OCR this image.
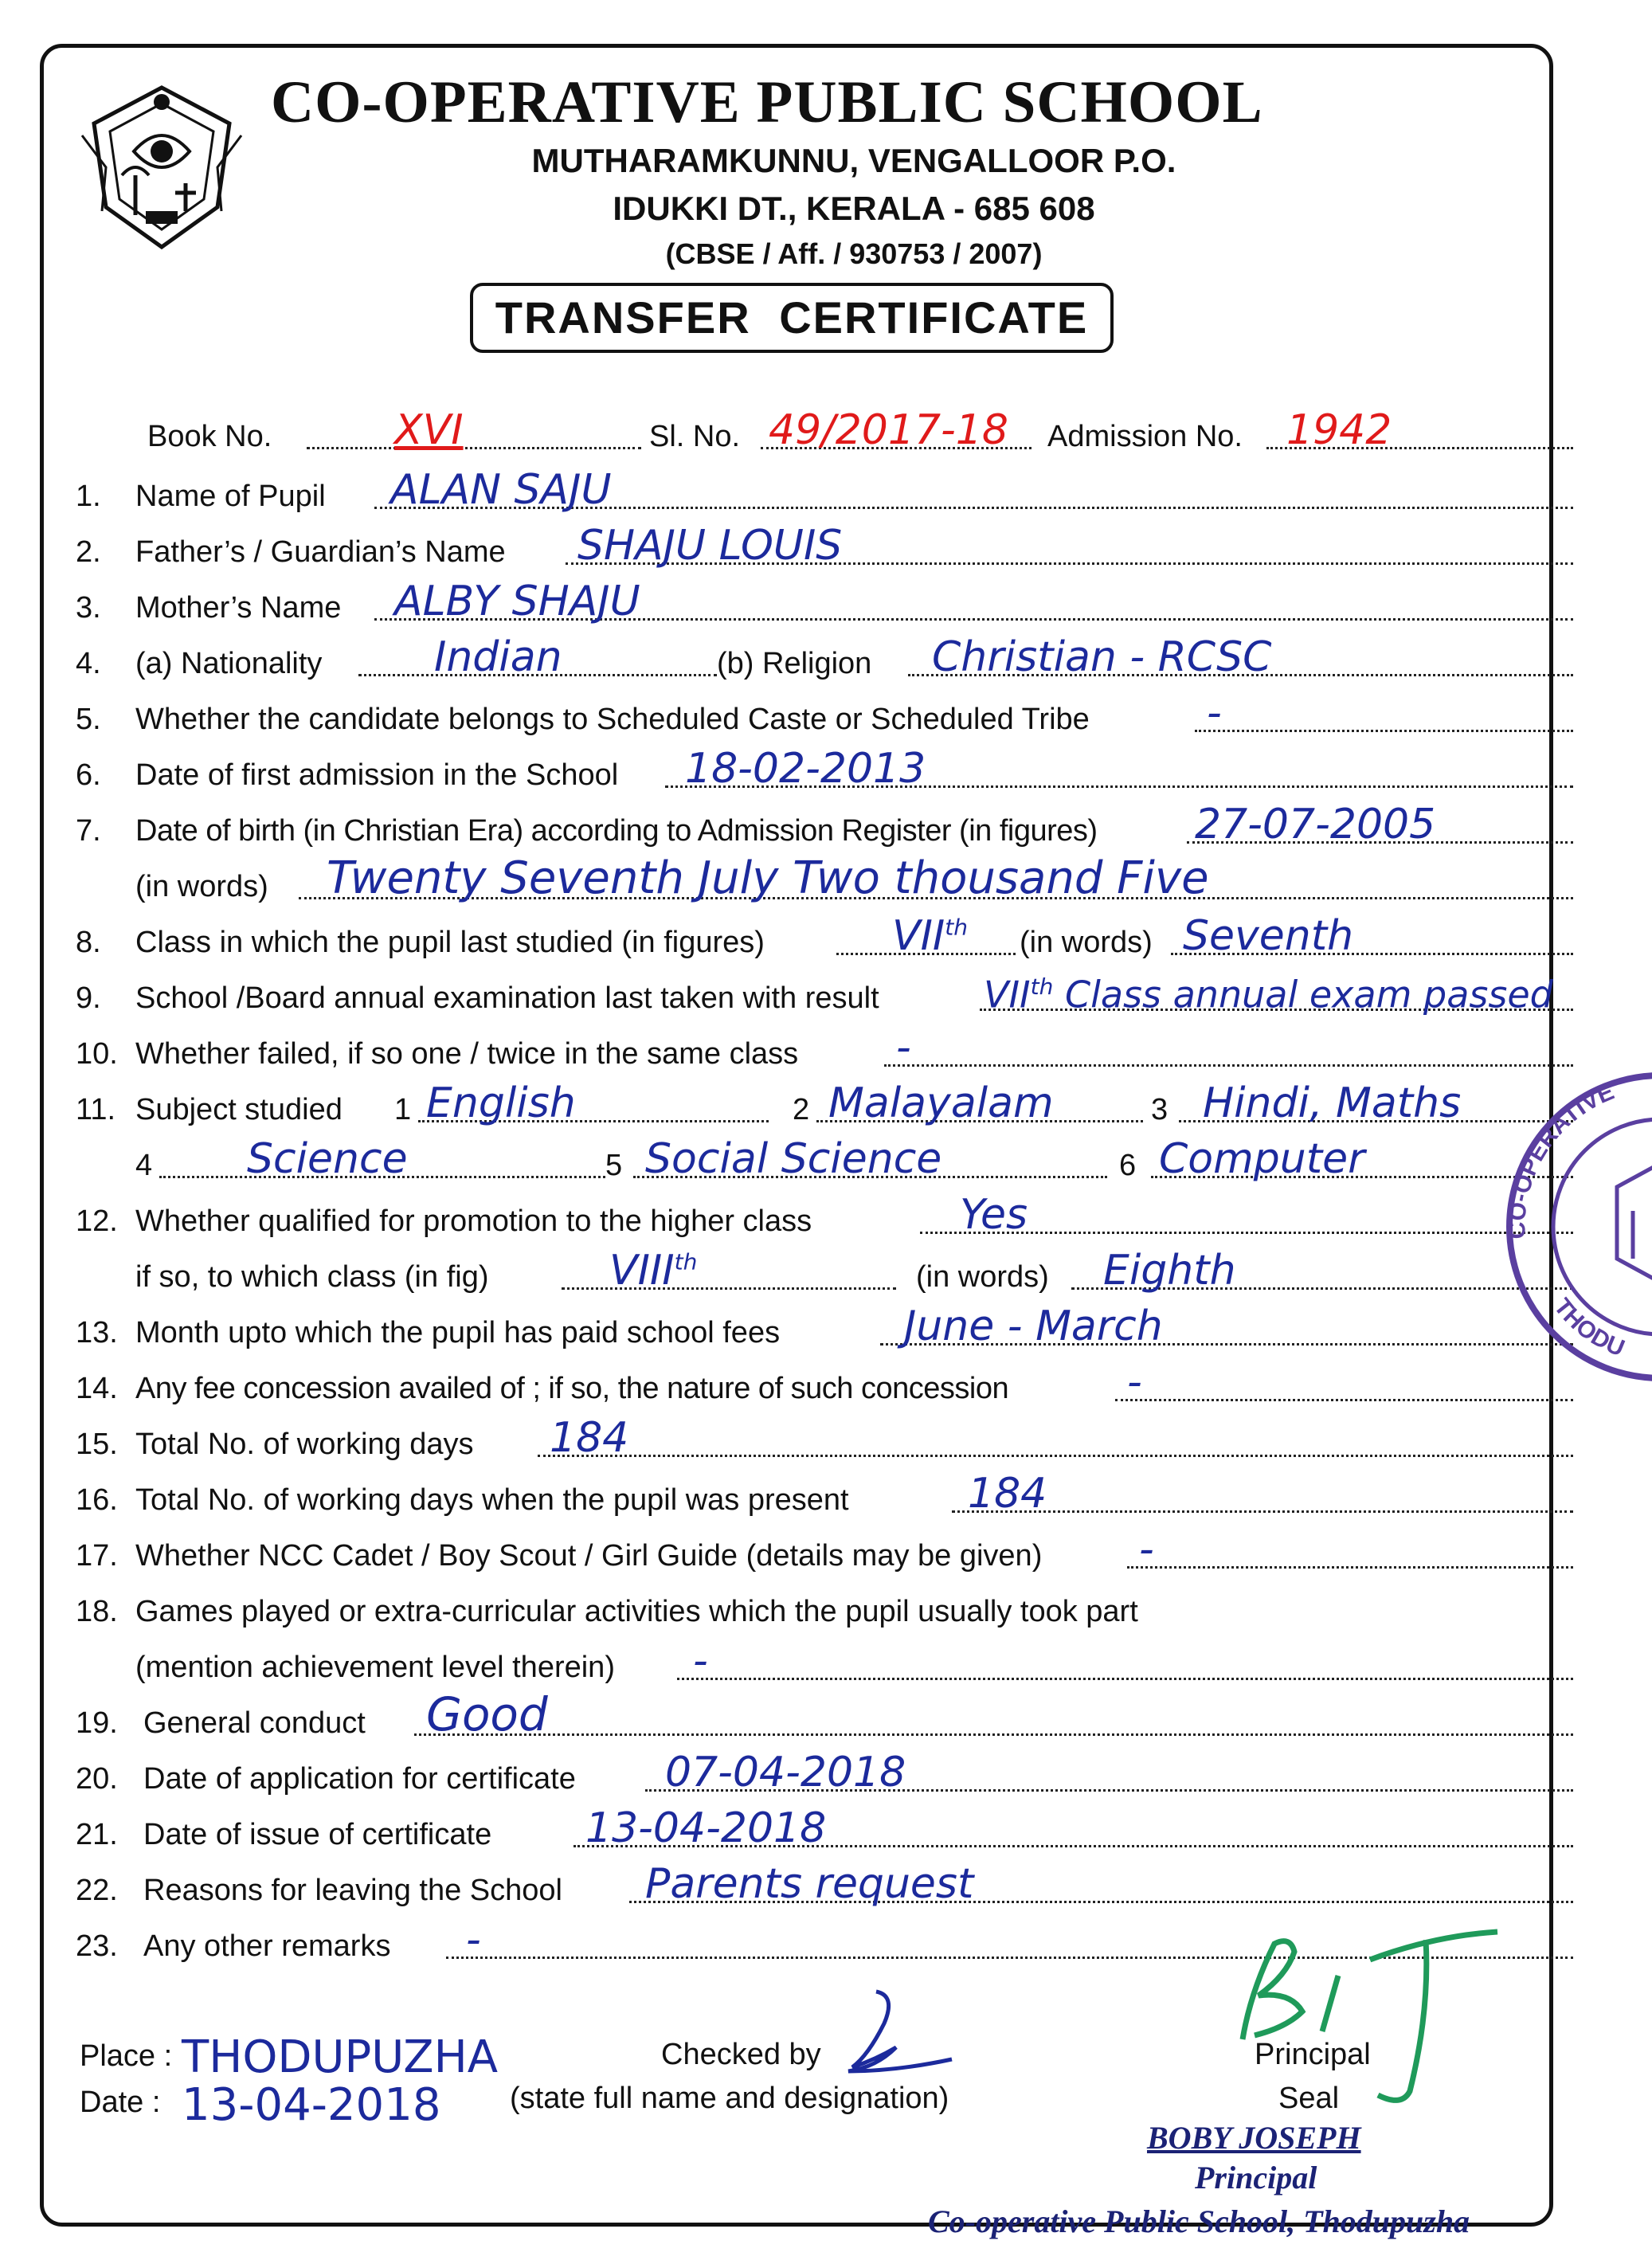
CO-OPERATIVE PUBLIC SCHOOL
MUTHARAMKUNNU, VENGALLOOR P.O.
IDUKKI DT., KERALA - 685 608
(CBSE / Aff. / 930753 / 2007)
TRANSFER CERTIFICATE
Book No.	XVI	Sl. No. 49/2017-18 Admission No. 1942
1. Name of Pupil ALAN SAJU
2. Father’s / Guardian’s Name SHAJU LOUIS
3. Mother’s Name ALBY SHAJU
4. (a) Nationality	Indian	(b) Religion Christian - RCSC
5. Whether the candidate belongs to Scheduled Caste or Scheduled Tribe	-
6. Date of first admission in the School 18-02-2013
7. Date of birth (in Christian Era) according to Admission Register (in figures) 27-07-2005
(in words) Twenty Seventh July Two thousand Five
8. Class in which the pupil last studied (in figures)	VIIth (in words) Seventh
9. School /Board annual examination last taken with result	VIIth Class annual exam passed
10. Whether failed, if so one / twice in the same class -
11. Subject studied 1 English	2 Malayalam	3 Hindi, Maths
4 Science	5 Social Science	6 Computer
12. Whether qualified for promotion to the higher class	Yes
if so, to which class (in fig)	VIIIth	(in words) Eighth
13. Month upto which the pupil has paid school fees	June - March
14. Any fee concession availed of ; if so, the nature of such concession	-
15. Total No. of working days 184
16. Total No. of working days when the pupil was present	184
17. Whether NCC Cadet / Boy Scout / Girl Guide (details may be given) -
18. Games played or extra-curricular activities which the pupil usually took part
(mention achievement level therein) -
19. General conduct Good
20. Date of application for certificate 07-04-2018
21. Date of issue of certificate 13-04-2018
22. Reasons for leaving the School Parents request
23. Any other remarks -
Place : THODUPUZHA
Date : 13-04-2018
Checked by
(state full name and designation)
Principal
Seal
BOBY JOSEPH
Principal
Co-operative Public School, Thodupuzha
CO-OPERATIVE
THODU
